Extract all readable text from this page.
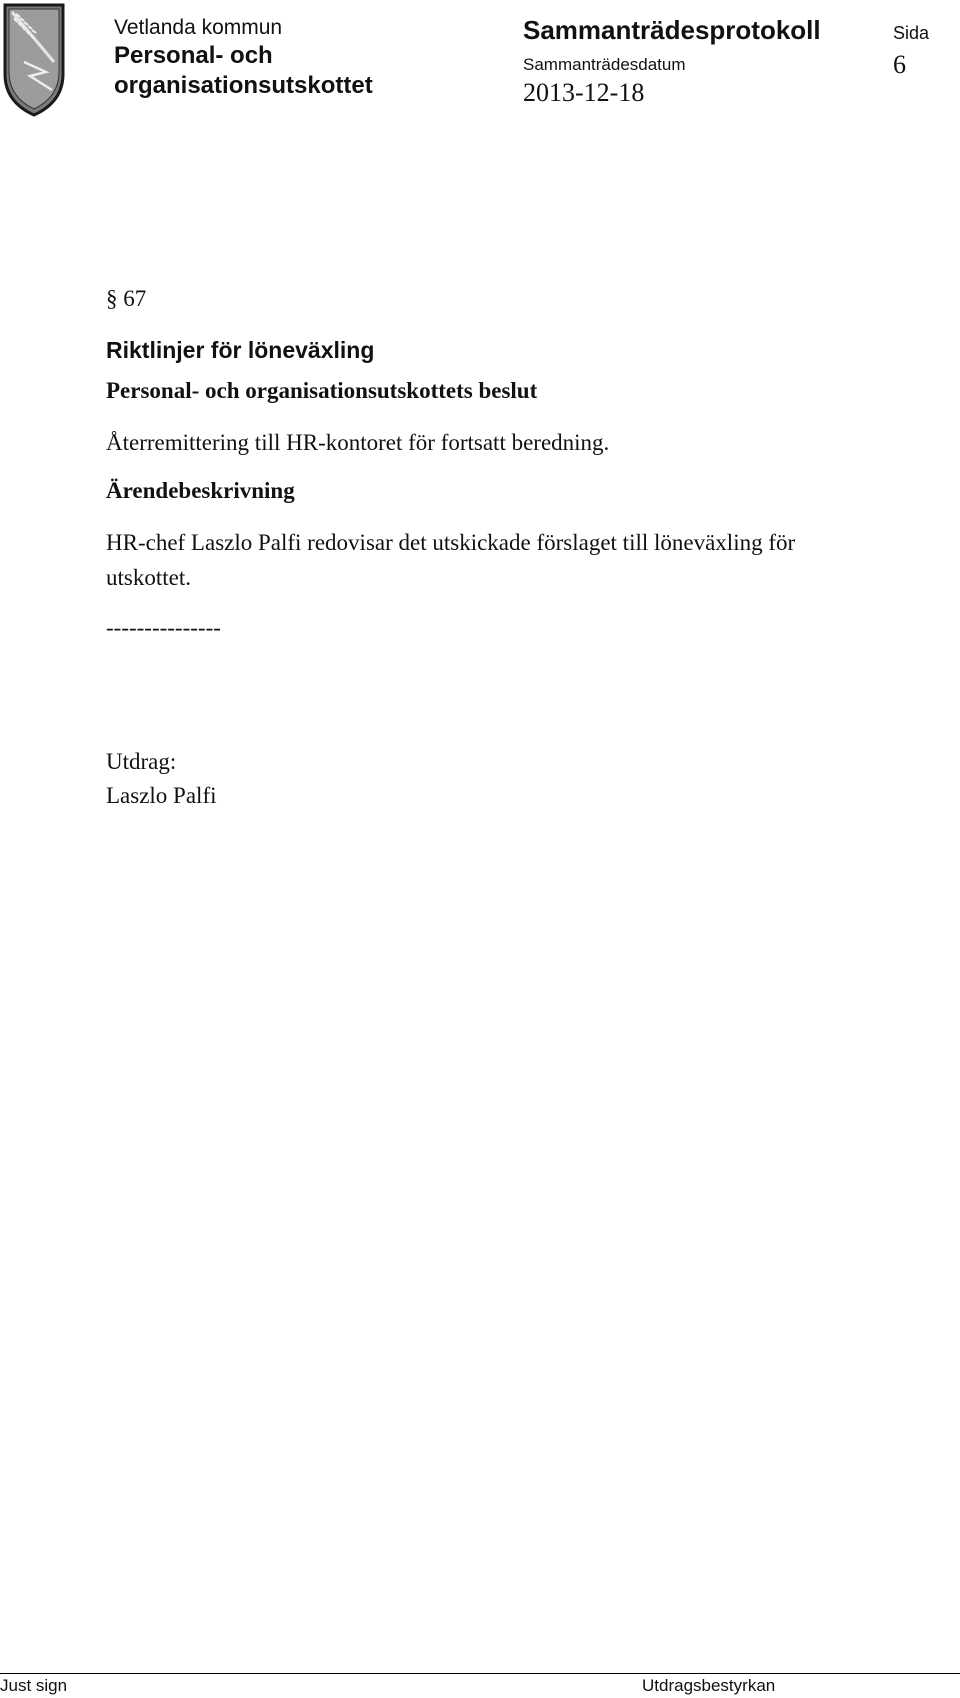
Vetlanda kommun
Personal- och
organisationsutskottet
Sammanträdesprotokoll
Sammanträdesdatum
2013-12-18
Sida
6
§ 67
Riktlinjer för löneväxling
Personal- och organisationsutskottets beslut
Återremittering till HR-kontoret för fortsatt beredning.
Ärendebeskrivning
HR-chef Laszlo Palfi redovisar det utskickade förslaget till löneväxling för
utskottet.
---------------
Utdrag:
Laszlo Palfi
Just sign	Utdragsbestyrkan
